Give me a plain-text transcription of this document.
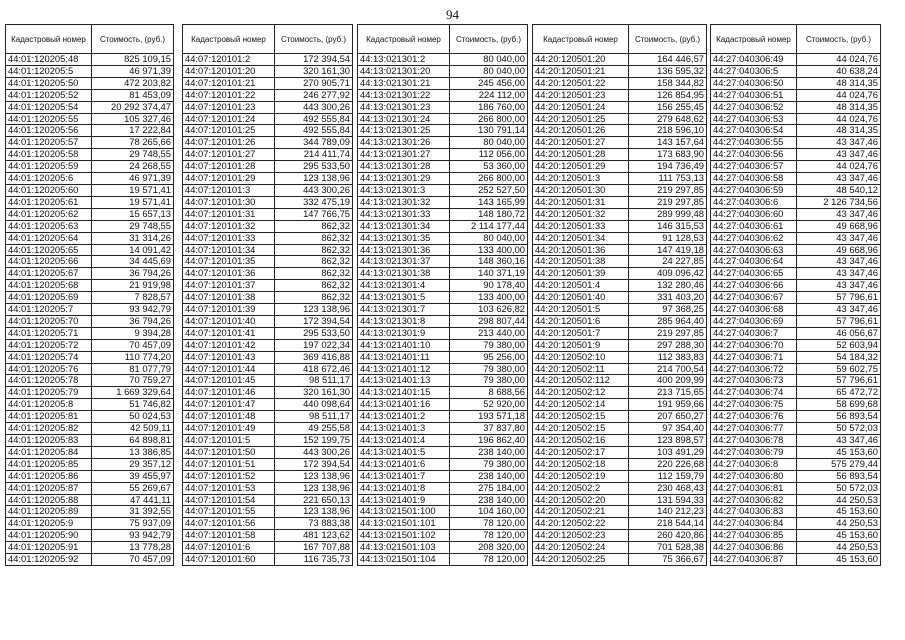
94
Кадастровый номер	Стоимость, (руб.)
44:01:120205:48	825 109,15
44:01:120205:5	46 971,39
44:01:120205:50	472 203,82
44:01:120205:52	81 453,09
44:01:120205:54	20 292 374,47
44:01:120205:55	105 327,46
44:01:120205:56	17 222,84
44:01:120205:57	78 265,66
44:01:120205:58	29 748,55
44:01:120205:59	24 268,55
44:01:120205:6	46 971,39
44:01:120205:60	19 571,41
44:01:120205:61	19 571,41
44:01:120205:62	15 657,13
44:01:120205:63	29 748,55
44:01:120205:64	31 314,26
44:01:120205:65	14 091,42
44:01:120205:66	34 445,69
44:01:120205:67	36 794,26
44:01:120205:68	21 919,98
44:01:120205:69	7 828,57
44:01:120205:7	93 942,79
44:01:120205:70	36 794,26
44:01:120205:71	9 394,28
44:01:120205:72	70 457,09
44:01:120205:74	110 774,20
44:01:120205:76	81 077,79
44:01:120205:78	70 759,27
44:01:120205:79	1 669 329,64
44:01:120205:8	51 746,82
44:01:120205:81	50 024,53
44:01:120205:82	42 509,11
44:01:120205:83	64 898,81
44:01:120205:84	13 386,85
44:01:120205:85	29 357,12
44:01:120205:86	39 455,97
44:01:120205:87	55 269,67
44:01:120205:88	47 441,11
44:01:120205:89	31 392,55
44:01:120205:9	75 937,09
44:01:120205:90	93 942,79
44:01:120205:91	13 778,28
44:01:120205:92	70 457,09
Кадастровый номер	Стоимость, (руб.)
44:07:120101:2	172 394,54
44:07:120101:20	320 161,30
44:07:120101:21	270 905,71
44:07:120101:22	246 277,92
44:07:120101:23	443 300,26
44:07:120101:24	492 555,84
44:07:120101:25	492 555,84
44:07:120101:26	344 789,09
44:07:120101:27	214 411,74
44:07:120101:28	295 533,50
44:07:120101:29	123 138,96
44:07:120101:3	443 300,26
44:07:120101:30	332 475,19
44:07:120101:31	147 766,75
44:07:120101:32	862,32
44:07:120101:33	862,32
44:07:120101:34	862,32
44:07:120101:35	862,32
44:07:120101:36	862,32
44:07:120101:37	862,32
44:07:120101:38	862,32
44:07:120101:39	123 138,96
44:07:120101:40	172 394,54
44:07:120101:41	295 533,50
44:07:120101:42	197 022,34
44:07:120101:43	369 416,88
44:07:120101:44	418 672,46
44:07:120101:45	98 511,17
44:07:120101:46	320 161,30
44:07:120101:47	440 098,64
44:07:120101:48	98 511,17
44:07:120101:49	49 255,58
44:07:120101:5	152 199,75
44:07:120101:50	443 300,26
44:07:120101:51	172 394,54
44:07:120101:52	123 138,96
44:07:120101:53	123 138,96
44:07:120101:54	221 650,13
44:07:120101:55	123 138,96
44:07:120101:56	73 883,38
44:07:120101:58	481 123,62
44:07:120101:6	167 707,88
44:07:120101:60	116 735,73
Кадастровый номер	Стоимость, (руб.)
44:13:021301:2	80 040,00
44:13:021301:20	80 040,00
44:13:021301:21	245 456,00
44:13:021301:22	224 112,00
44:13:021301:23	186 760,00
44:13:021301:24	266 800,00
44:13:021301:25	130 791,14
44:13:021301:26	80 040,00
44:13:021301:27	112 056,00
44:13:021301:28	53 360,00
44:13:021301:29	266 800,00
44:13:021301:3	252 527,50
44:13:021301:32	143 165,99
44:13:021301:33	148 180,72
44:13:021301:34	2 114 177,44
44:13:021301:35	80 040,00
44:13:021301:36	133 400,00
44:13:021301:37	148 360,16
44:13:021301:38	140 371,19
44:13:021301:4	90 178,40
44:13:021301:5	133 400,00
44:13:021301:7	103 626,82
44:13:021301:8	298 807,44
44:13:021301:9	213 440,00
44:13:021401:10	79 380,00
44:13:021401:11	95 256,00
44:13:021401:12	79 380,00
44:13:021401:13	79 380,00
44:13:021401:15	8 688,56
44:13:021401:16	52 920,00
44:13:021401:2	193 571,18
44:13:021401:3	37 837,80
44:13:021401:4	196 862,40
44:13:021401:5	238 140,00
44:13:021401:6	79 380,00
44:13:021401:7	238 140,00
44:13:021401:8	275 184,00
44:13:021401:9	238 140,00
44:13:021501:100	104 160,00
44:13:021501:101	78 120,00
44:13:021501:102	78 120,00
44:13:021501:103	208 320,00
44:13:021501:104	78 120,00
Кадастровый номер	Стоимость, (руб.)
44:20:120501:20	164 446,57
44:20:120501:21	136 595,32
44:20:120501:22	158 344,82
44:20:120501:23	126 854,95
44:20:120501:24	156 255,45
44:20:120501:25	279 648,62
44:20:120501:26	218 596,10
44:20:120501:27	143 157,64
44:20:120501:28	173 683,90
44:20:120501:29	194 736,49
44:20:120501:3	111 753,13
44:20:120501:30	219 297,85
44:20:120501:31	219 297,85
44:20:120501:32	289 999,48
44:20:120501:33	146 315,53
44:20:120501:34	91 128,53
44:20:120501:36	147 419,18
44:20:120501:38	24 227,85
44:20:120501:39	409 096,42
44:20:120501:4	132 280,46
44:20:120501:40	331 403,20
44:20:120501:5	97 368,25
44:20:120501:6	285 964,40
44:20:120501:7	219 297,85
44:20:120501:9	297 288,30
44:20:120502:10	112 383,83
44:20:120502:11	214 700,54
44:20:120502:112	400 209,99
44:20:120502:12	213 715,65
44:20:120502:14	191 959,66
44:20:120502:15	207 650,27
44:20:120502:15	97 354,40
44:20:120502:16	123 898,57
44:20:120502:17	103 491,29
44:20:120502:18	220 226,68
44:20:120502:19	112 159,79
44:20:120502:2	230 468,43
44:20:120502:20	131 594,33
44:20:120502:21	140 212,23
44:20:120502:22	218 544,14
44:20:120502:23	260 420,86
44:20:120502:24	701 528,38
44:20:120502:25	75 366,67
Кадастровый номер	Стоимость, (руб.)
44:27:040306:49	44 024,76
44:27:040306:5	40 638,24
44:27:040306:50	48 314,35
44:27:040306:51	44 024,76
44:27:040306:52	48 314,35
44:27:040306:53	44 024,76
44:27:040306:54	48 314,35
44:27:040306:55	43 347,46
44:27:040306:56	43 347,46
44:27:040306:57	44 024,76
44:27:040306:58	43 347,46
44:27:040306:59	48 540,12
44:27:040306:6	2 126 734,56
44:27:040306:60	43 347,46
44:27:040306:61	49 668,96
44:27:040306:62	43 347,46
44:27:040306:63	49 668,96
44:27:040306:64	43 347,46
44:27:040306:65	43 347,46
44:27:040306:66	43 347,46
44:27:040306:67	57 796,61
44:27:040306:68	43 347,46
44:27:040306:69	57 796,61
44:27:040306:7	46 056,67
44:27:040306:70	52 603,94
44:27:040306:71	54 184,32
44:27:040306:72	59 602,75
44:27:040306:73	57 796,61
44:27:040306:74	65 472,72
44:27:040306:75	58 699,68
44:27:040306:76	56 893,54
44:27:040306:77	50 572,03
44:27:040306:78	43 347,46
44:27:040306:79	45 153,60
44:27:040306:8	575 279,44
44:27:040306:80	56 893,54
44:27:040306:81	50 572,03
44:27:040306:82	44 250,53
44:27:040306:83	45 153,60
44:27:040306:84	44 250,53
44:27:040306:85	45 153,60
44:27:040306:86	44 250,53
44:27:040306:87	45 153,60
